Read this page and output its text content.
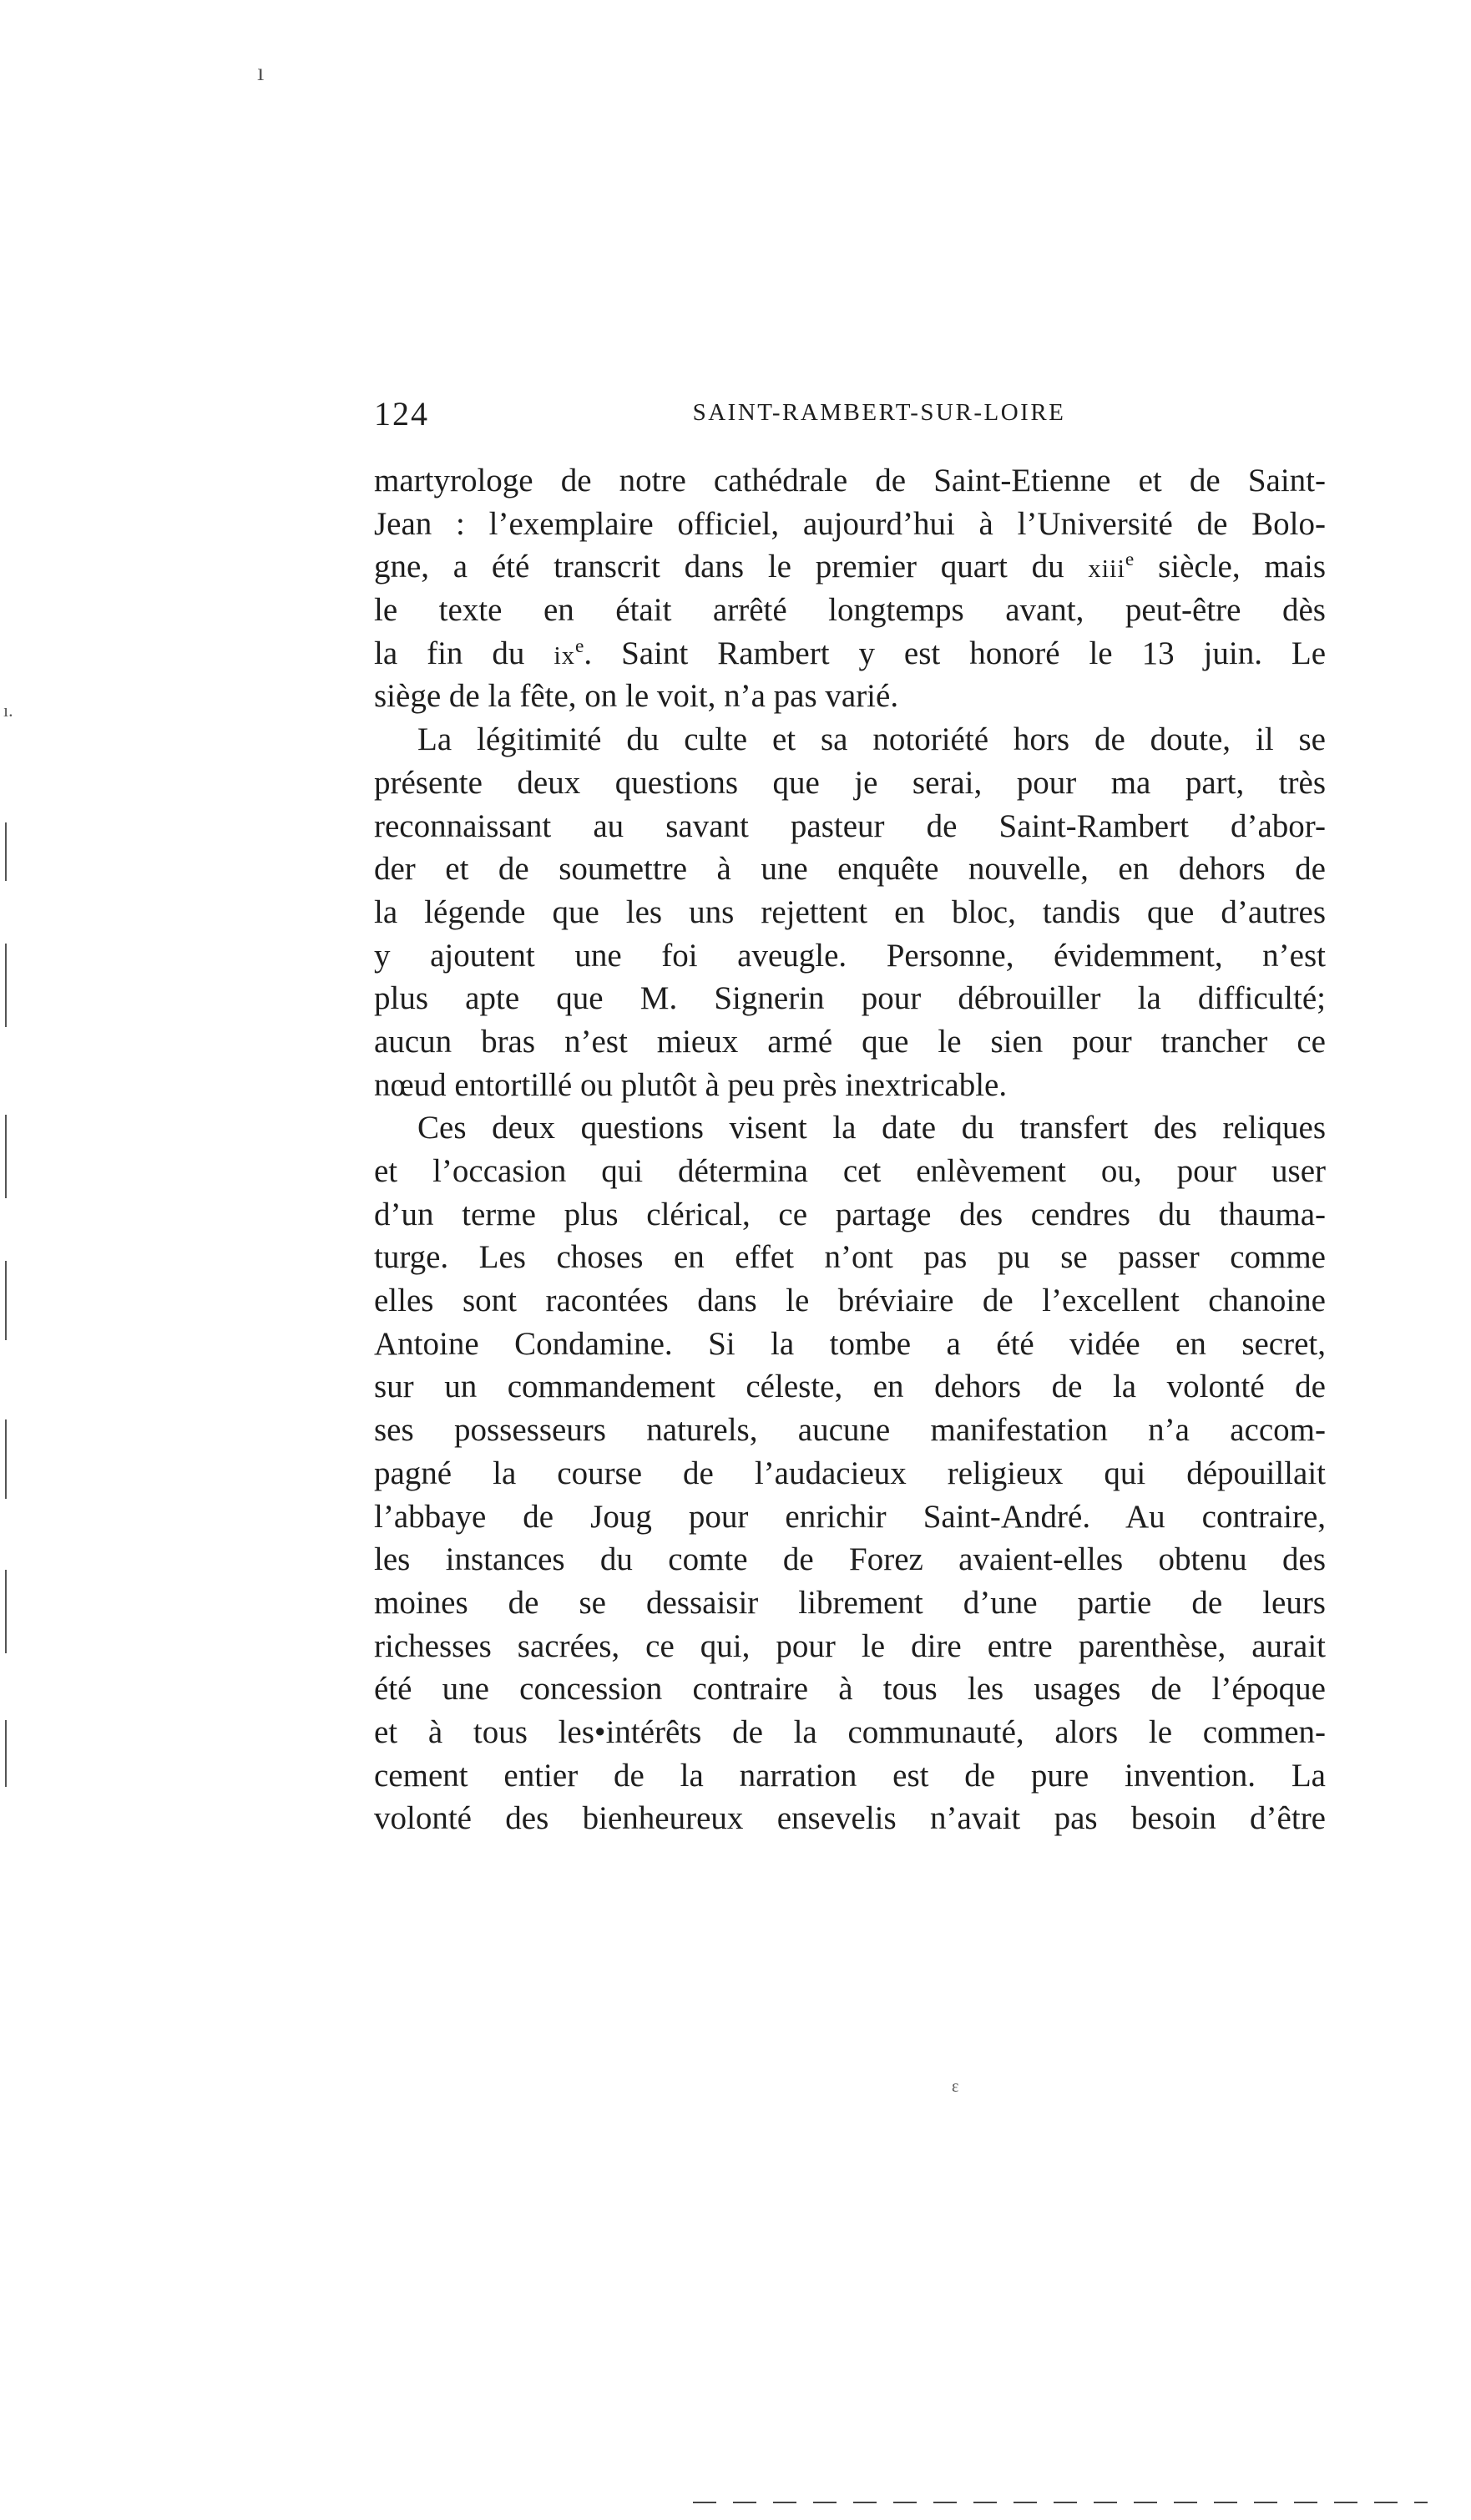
ı
ı.
124	SAINT-RAMBERT-SUR-LOIRE
martyrologe de notre cathédrale de Saint-Etienne et de Saint-
Jean : l’exemplaire officiel, aujourd’hui à l’Université de Bolo-
gne, a été transcrit dans le premier quart du xiii$^e$ siècle, mais
le texte en était arrêté longtemps avant, peut-être dès
la fin du $ix^e$. Saint Rambert y est honoré le 13 juin. Le
siège de la fête, on le voit, n’a pas varié.
La légitimité du culte et sa notoriété hors de doute, il se
présente deux questions que je serai, pour ma part, très
reconnaissant au savant pasteur de Saint-Rambert d’abor-
der et de soumettre à une enquête nouvelle, en dehors de
la légende que les uns rejettent en bloc, tandis que d’autres
y ajoutent une foi aveugle. Personne, évidemment, n’est
plus apte que M. Signerin pour débrouiller la difficulté;
aucun bras n’est mieux armé que le sien pour trancher ce
nœud entortillé ou plutôt à peu près inextricable.
Ces deux questions visent la date du transfert des reliques
et l’occasion qui détermina cet enlèvement ou, pour user
d’un terme plus clérical, ce partage des cendres du thauma-
turge. Les choses en effet n’ont pas pu se passer comme
elles sont racontées dans le bréviaire de l’excellent chanoine
Antoine Condamine. Si la tombe a été vidée en secret,
sur un commandement céleste, en dehors de la volonté de
ses possesseurs naturels, aucune manifestation n’a accom-
pagné la course de l’audacieux religieux qui dépouillait
l’abbaye de Joug pour enrichir Saint-André. Au contraire,
les instances du comte de Forez avaient-elles obtenu des
moines de se dessaisir librement d’une partie de leurs
richesses sacrées, ce qui, pour le dire entre parenthèse, aurait
été une concession contraire à tous les usages de l’époque
et à tous les•intérêts de la communauté, alors le commen-
cement entier de la narration est de pure invention. La
volonté des bienheureux ensevelis n’avait pas besoin d’être
ε
